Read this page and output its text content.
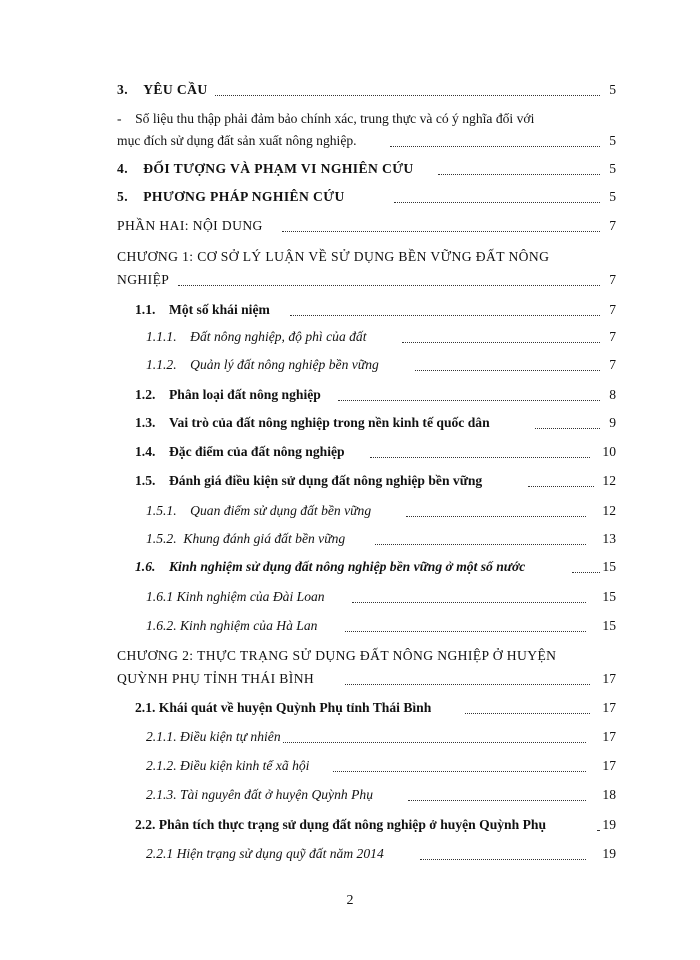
3.    YÊU CẦU	5
-    Số liệu thu thập phải đảm bảo chính xác, trung thực và có ý nghĩa đối với
mục đích sử dụng đất sản xuất nông nghiệp.	5
4.    ĐỐI TƯỢNG VÀ PHẠM VI NGHIÊN CỨU	5
5.    PHƯƠNG PHÁP NGHIÊN CỨU	5
PHẦN HAI: NỘI DUNG	7
CHƯƠNG 1: CƠ SỞ LÝ LUẬN VỀ SỬ DỤNG BỀN VỮNG ĐẤT NÔNG
NGHIỆP	7
1.1.    Một số khái niệm	7
1.1.1.    Đất nông nghiệp, độ phì của đất	7
1.1.2.    Quản lý đất nông nghiệp bền vững	7
1.2.    Phân loại đất nông nghiệp	8
1.3.    Vai trò của đất nông nghiệp trong nền kinh tế quốc dân	9
1.4.    Đặc điểm của đất nông nghiệp	10
1.5.    Đánh giá điều kiện sử dụng đất nông nghiệp bền vững	12
1.5.1.    Quan điểm sử dụng đất bền vững	12
1.5.2.  Khung đánh giá đất bền vững	13
1.6.    Kinh nghiệm sử dụng đất nông nghiệp bền vững ở một số nước	15
1.6.1 Kinh nghiệm của Đài Loan	15
1.6.2. Kinh nghiệm của Hà Lan	15
CHƯƠNG 2: THỰC TRẠNG SỬ DỤNG ĐẤT NÔNG NGHIỆP Ở HUYỆN
QUỲNH PHỤ TỈNH THÁI BÌNH	17
2.1. Khái quát về huyện Quỳnh Phụ tỉnh Thái Bình	17
2.1.1. Điều kiện tự nhiên	17
2.1.2. Điều kiện kinh tế xã hội	17
2.1.3. Tài nguyên đất ở huyện Quỳnh Phụ	18
2.2. Phân tích thực trạng sử dụng đất nông nghiệp ở huyện Quỳnh Phụ	19
2.2.1 Hiện trạng sử dụng quỹ đất năm 2014	19
2
